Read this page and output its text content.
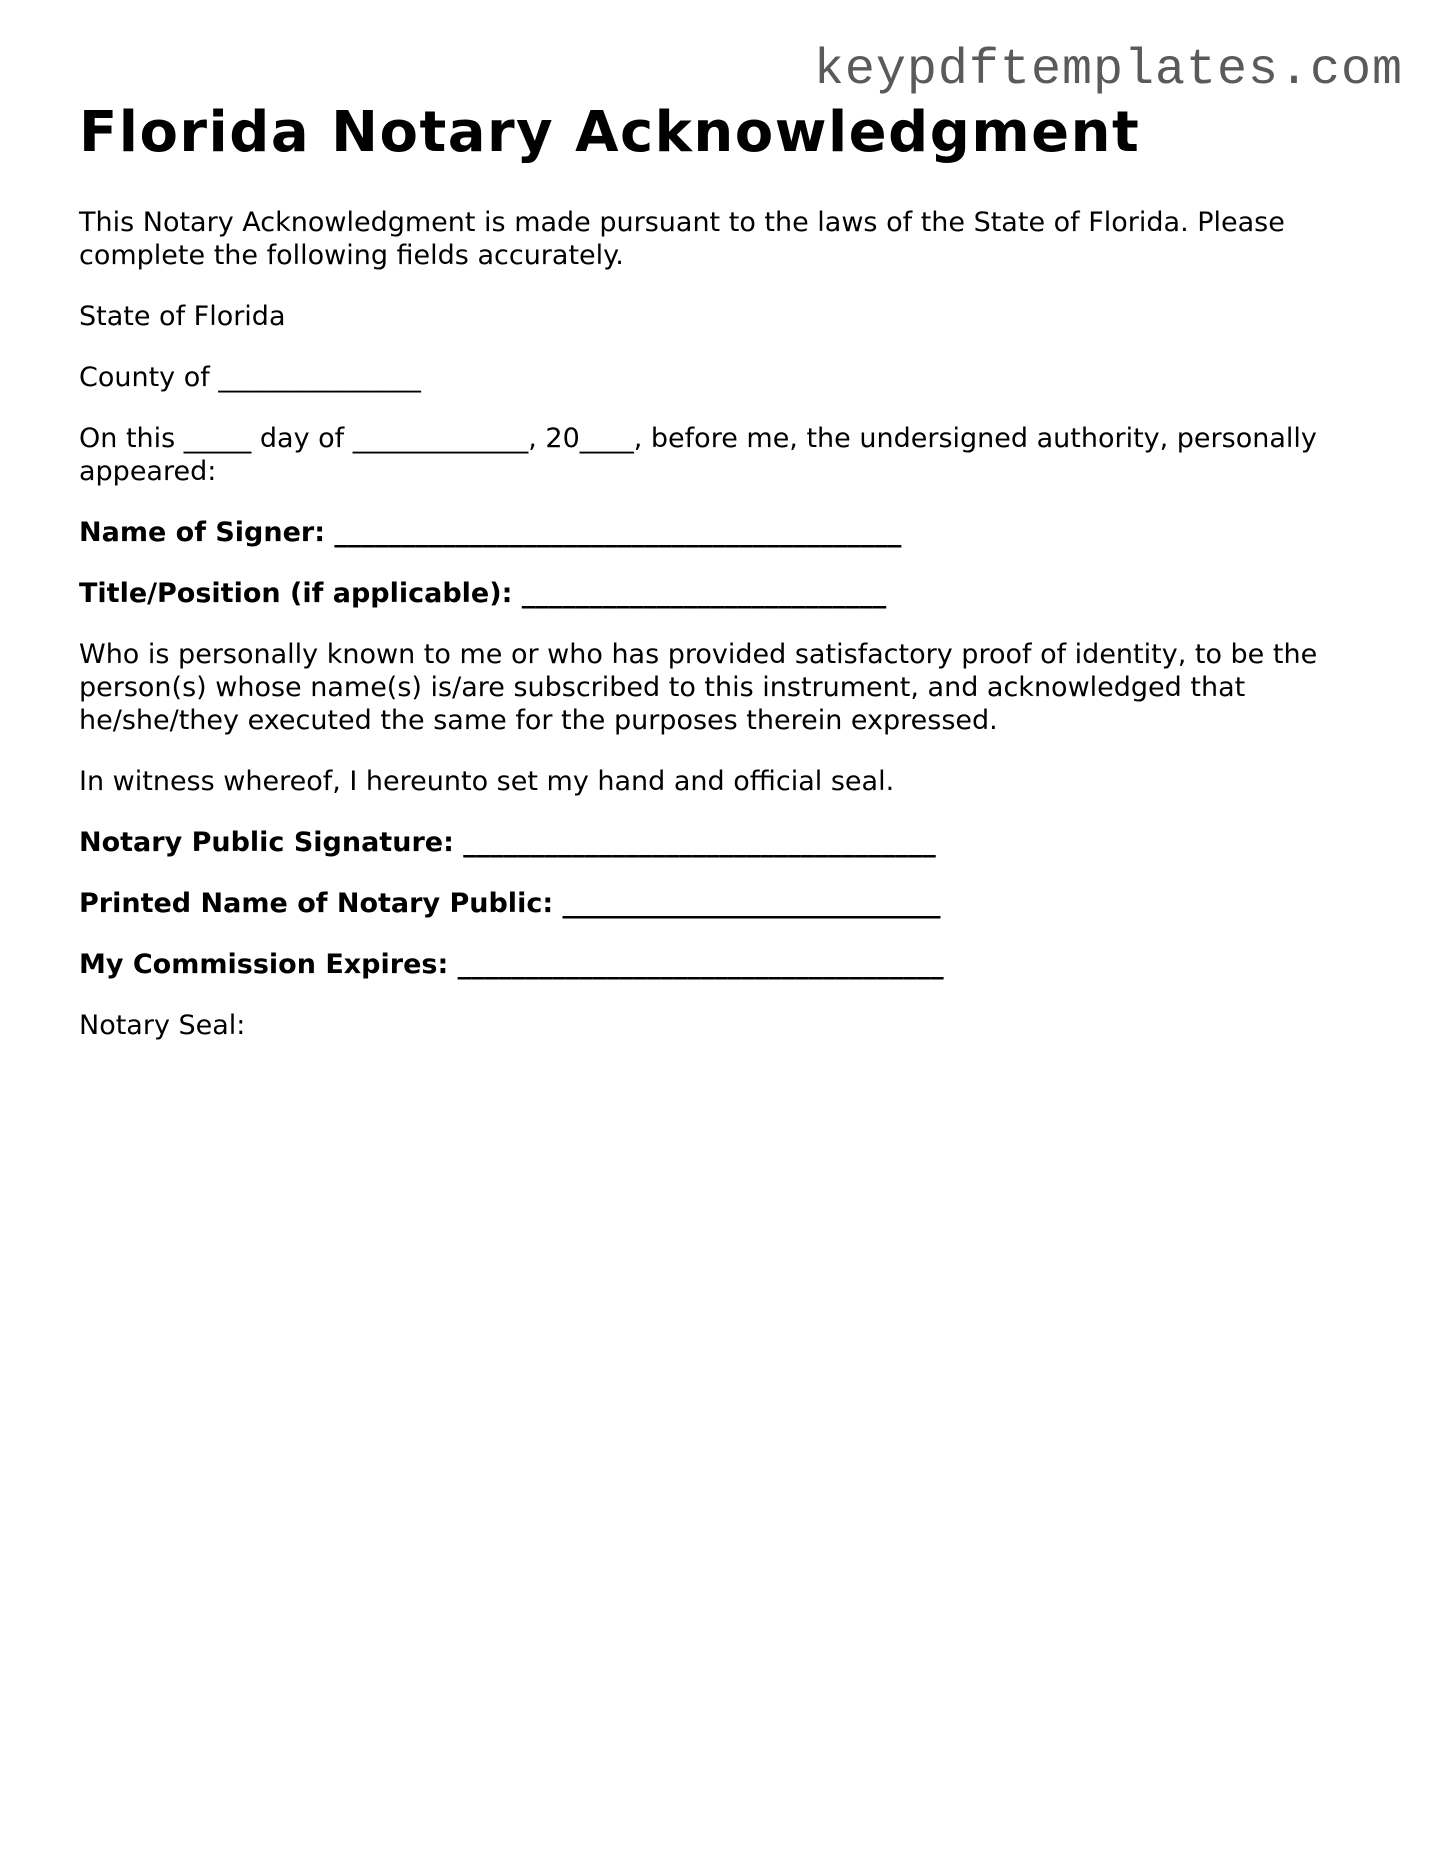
keypdftemplates.com
Florida Notary Acknowledgment

This Notary Acknowledgment is made pursuant to the laws of the State of Florida. Please complete the following fields accurately.

State of Florida

County of _______________

On this _____ day of _____________, 20____, before me, the undersigned authority, personally appeared:

Name of Signer: __________________________________________

Title/Position (if applicable): ___________________________

Who is personally known to me or who has provided satisfactory proof of identity, to be the person(s) whose name(s) is/are subscribed to this instrument, and acknowledged that he/she/they executed the same for the purposes therein expressed.

In witness whereof, I hereunto set my hand and official seal.

Notary Public Signature: ___________________________________

Printed Name of Notary Public: ____________________________

My Commission Expires: ____________________________________

Notary Seal:
